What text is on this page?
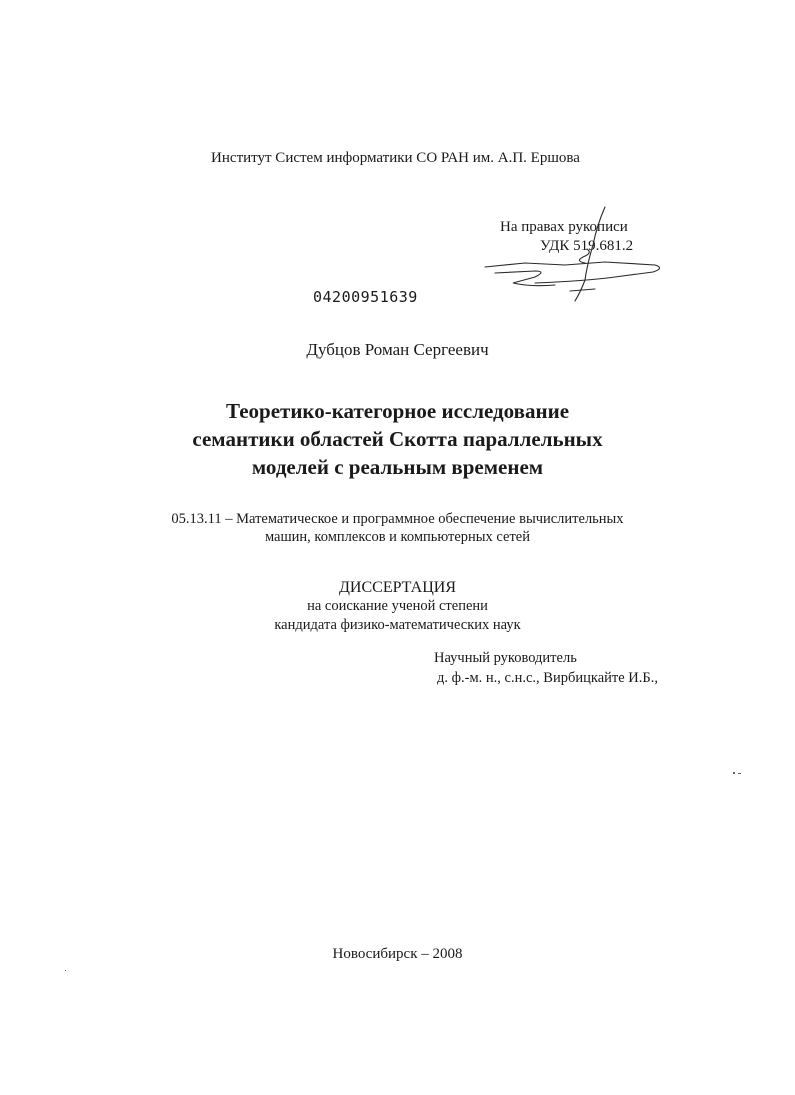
Институт Систем информатики СО РАН им. А.П. Ершова
На правах рукописи
УДК 519.681.2
04200951639
Дубцов Роман Сергеевич
Теоретико-категорное исследование
семантики областей Скотта параллельных
моделей с реальным временем
05.13.11 – Математическое и программное обеспечение вычислительных
машин, комплексов и компьютерных сетей
ДИССЕРТАЦИЯ
на соискание ученой степени
кандидата физико-математических наук
Научный руководитель
д. ф.-м. н., с.н.с., Вирбицкайте И.Б.,
Новосибирск – 2008
